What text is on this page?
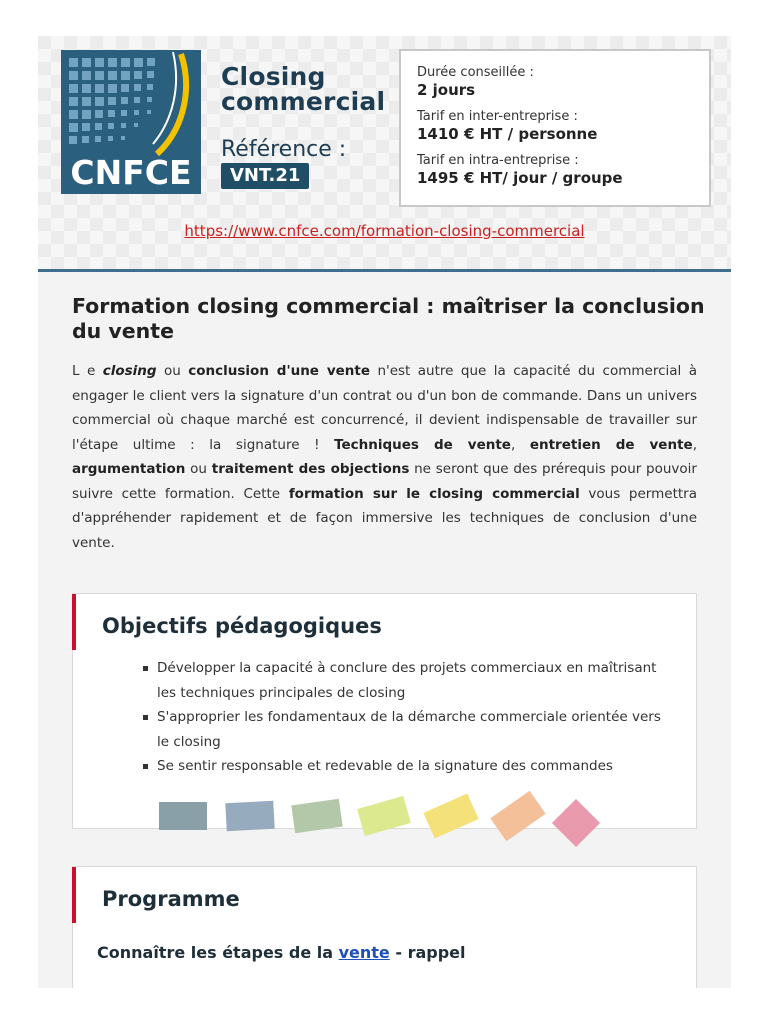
CNFCE
Closing
commercial
Référence :
VNT.21
Durée conseillée :
2 jours
Tarif en inter-entreprise :
1410 € HT / personne
Tarif en intra-entreprise :
1495 € HT/ jour / groupe
https://www.cnfce.com/formation-closing-commercial
Formation closing commercial : maîtriser la conclusion du vente
L e closing ou conclusion d'une vente n'est autre que la capacité du commercial à engager le client vers la signature d'un contrat ou d'un bon de commande. Dans un univers commercial où chaque marché est concurrencé, il devient indispensable de travailler sur l'étape ultime : la signature ! Techniques de vente, entretien de vente, argumentation ou traitement des objections ne seront que des prérequis pour pouvoir suivre cette formation. Cette formation sur le closing commercial vous permettra d'appréhender rapidement et de façon immersive les techniques de conclusion d'une vente.
Objectifs pédagogiques
Développer la capacité à conclure des projets commerciaux en maîtrisant les techniques principales de closing
S'approprier les fondamentaux de la démarche commerciale orientée vers le closing
Se sentir responsable et redevable de la signature des commandes
Programme
Connaître les étapes de la vente - rappel
